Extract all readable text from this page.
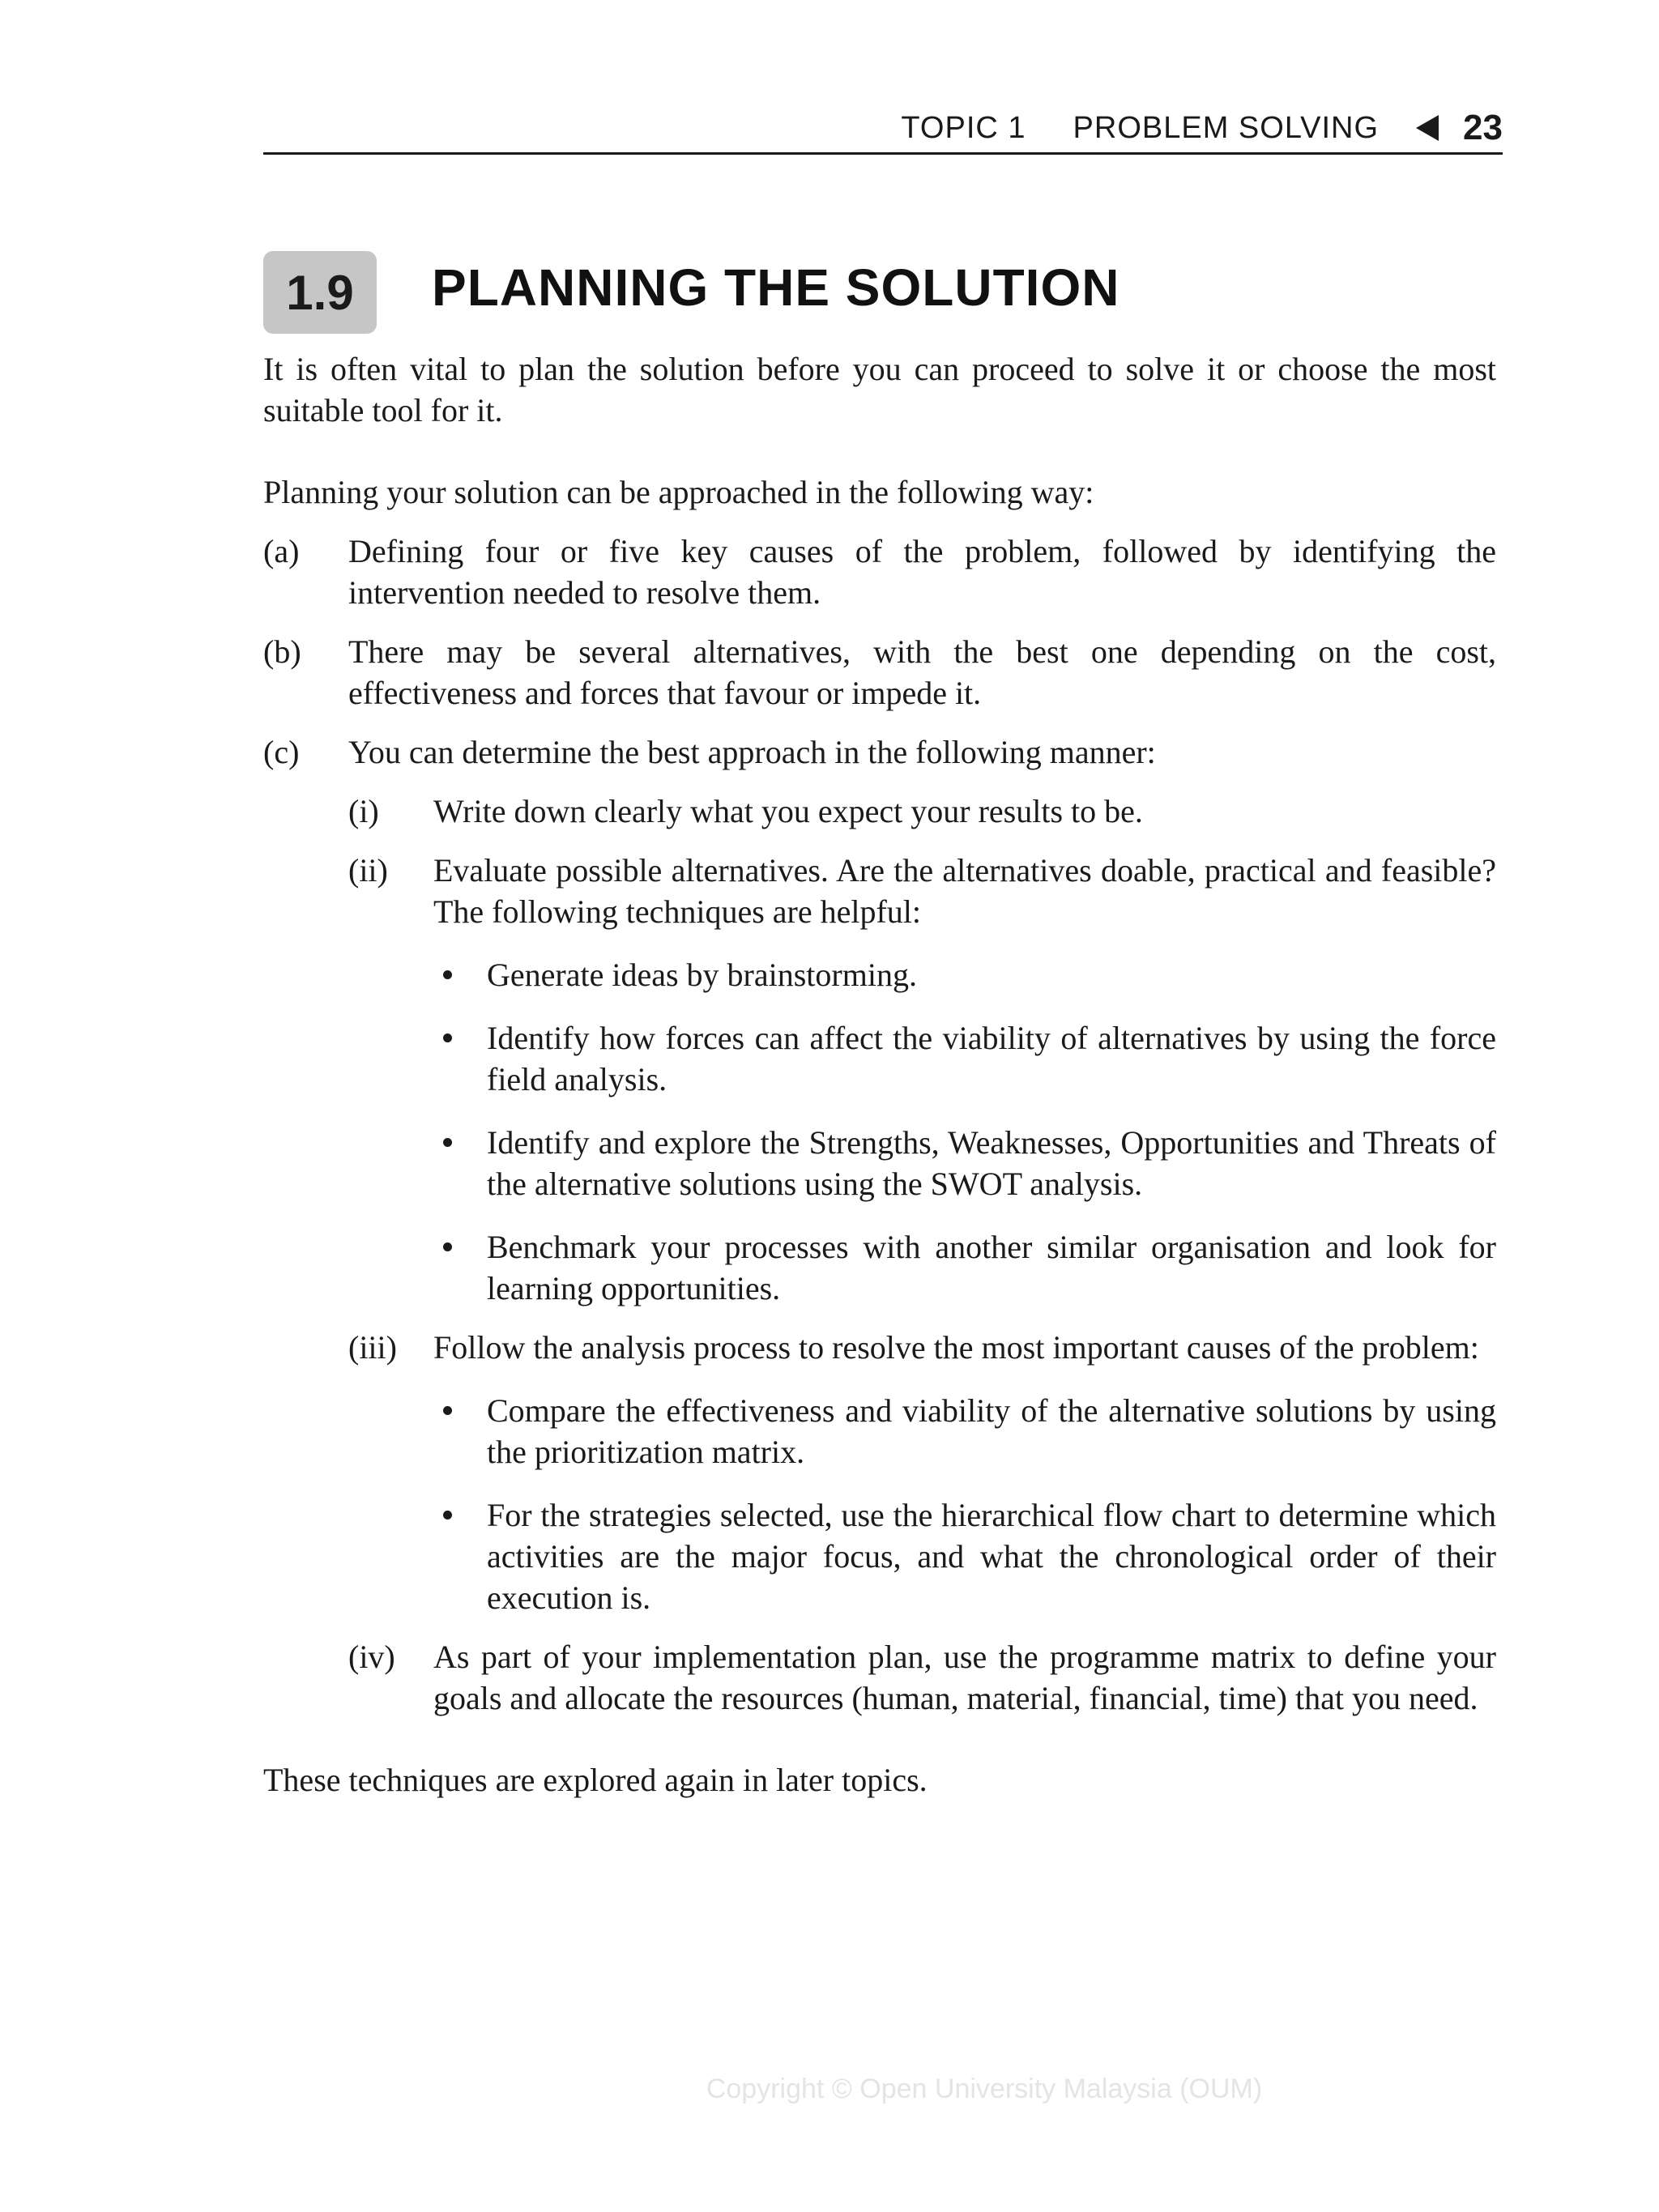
TOPIC 1 PROBLEM SOLVING 23
1.9	PLANNING THE SOLUTION

It is often vital to plan the solution before you can proceed to solve it or choose the most suitable tool for it.

Planning your solution can be approached in the following way:

(a)	Defining four or five key causes of the problem, followed by identifying the intervention needed to resolve them.
(b)	There may be several alternatives, with the best one depending on the cost, effectiveness and forces that favour or impede it.
(c)	You can determine the best approach in the following manner:
(i)	Write down clearly what you expect your results to be.
(ii)	Evaluate possible alternatives. Are the alternatives doable, practical and feasible? The following techniques are helpful:
Generate ideas by brainstorming.
Identify how forces can affect the viability of alternatives by using the force field analysis.
Identify and explore the Strengths, Weaknesses, Opportunities and Threats of the alternative solutions using the SWOT analysis.
Benchmark your processes with another similar organisation and look for learning opportunities.
(iii)	Follow the analysis process to resolve the most important causes of the problem:
Compare the effectiveness and viability of the alternative solutions by using the prioritization matrix.
For the strategies selected, use the hierarchical flow chart to determine which activities are the major focus, and what the chronological order of their execution is.
(iv)	As part of your implementation plan, use the programme matrix to define your goals and allocate the resources (human, material, financial, time) that you need.

These techniques are explored again in later topics.

Copyright © Open University Malaysia (OUM)
